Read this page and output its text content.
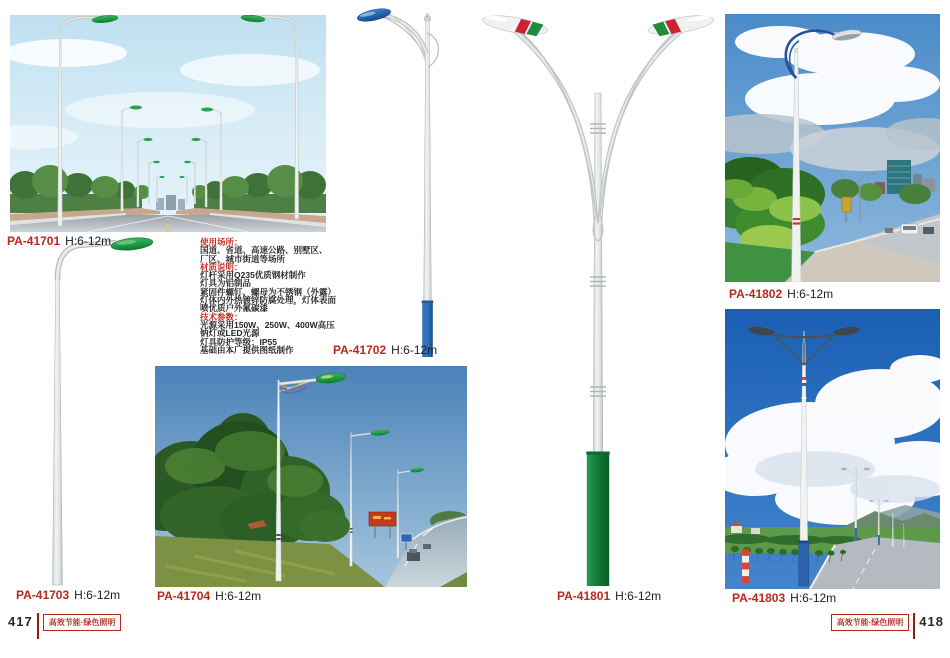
PA-41701 H:6-12m
PA-41702 H:6-12m
PA-41703 H:6-12m	PA-41704 H:6-12m	PA-41801 H:6-12m
PA-41802 H:6-12m
PA-41803 H:6-12m
使用场所：
国道、省道、高速公路、别墅区、
厂区、城市街道等场所
材质说明：
灯杆采用Q235优质钢材制作
灯具为铝制品
紧固件螺钉、螺母为不锈钢（外露）
灯体内外热镀锌防腐处理，灯体表面
喷优质户外氟碳漆
技术参数：
光源采用150W、250W、400W高压
钠灯或LED光源
灯具防护等级：IP55
基础由本厂提供图纸制作
417	高效节能·绿色照明	高效节能·绿色照明	418
